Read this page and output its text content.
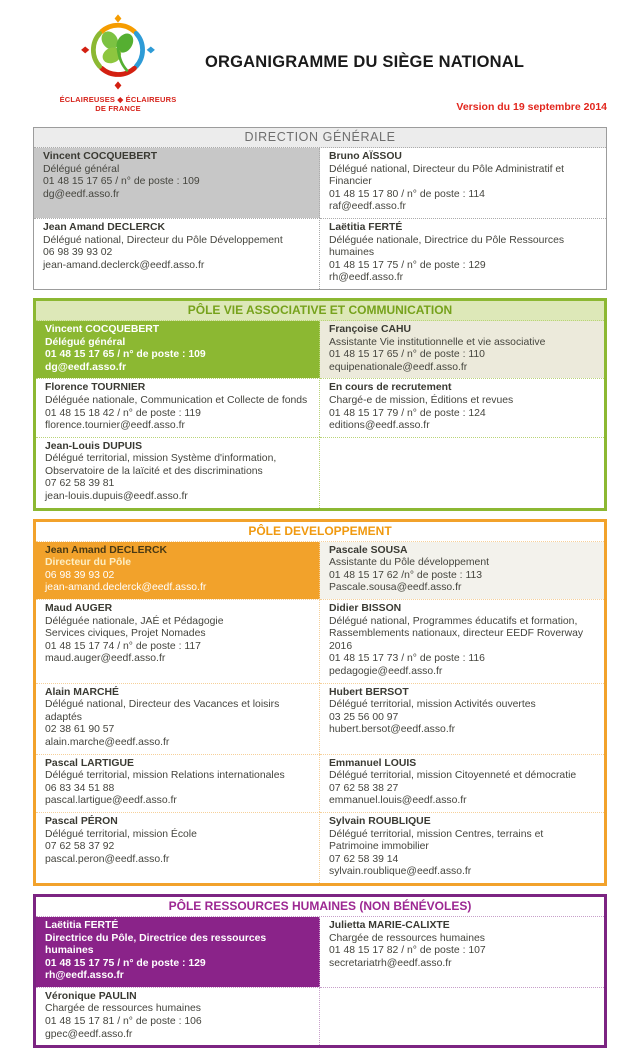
ÉCLAIREUSES ◆ ÉCLAIREURS
DE FRANCE
ORGANIGRAMME DU SIÈGE NATIONAL
Version du 19 septembre 2014
DIRECTION GÉNÉRALE
Vincent COCQUEBERT
Délégué général
01 48 15 17 65 / n° de poste : 109
dg@eedf.asso.fr
Bruno AÏSSOU
Délégué national, Directeur du Pôle Administratif et Financier
01 48 15 17 80 / n° de poste : 114
raf@eedf.asso.fr
Jean Amand DECLERCK
Délégué national, Directeur du Pôle Développement
06 98 39 93 02
jean-amand.declerck@eedf.asso.fr
Laëtitia FERTÉ
Déléguée nationale, Directrice du Pôle Ressources humaines
01 48 15 17 75 / n° de poste : 129
rh@eedf.asso.fr
PÔLE VIE ASSOCIATIVE ET COMMUNICATION
Vincent COCQUEBERT
Délégué général
01 48 15 17 65 / n° de poste : 109
dg@eedf.asso.fr
Françoise CAHU
Assistante Vie institutionnelle et vie associative
01 48 15 17 65 / n° de poste : 110
equipenationale@eedf.asso.fr
Florence TOURNIER
Déléguée nationale, Communication et Collecte de fonds
01 48 15 18 42 / n° de poste : 119
florence.tournier@eedf.asso.fr
En cours de recrutement
Chargé-e de mission, Éditions et revues
01 48 15 17 79 / n° de poste : 124
editions@eedf.asso.fr
Jean-Louis DUPUIS
Délégué territorial, mission Système d'information,
Observatoire de la laïcité et des discriminations
07 62 58 39 81
jean-louis.dupuis@eedf.asso.fr
PÔLE DEVELOPPEMENT
Jean Amand DECLERCK
Directeur du Pôle
06 98 39 93 02
jean-amand.declerck@eedf.asso.fr
Pascale SOUSA
Assistante du Pôle développement
01 48 15 17 62 /n° de poste : 113
Pascale.sousa@eedf.asso.fr
Maud AUGER
Déléguée nationale, JAÉ et Pédagogie
Services civiques, Projet Nomades
01 48 15 17 74 / n° de poste : 117
maud.auger@eedf.asso.fr
Didier BISSON
Délégué national, Programmes éducatifs et formation,
Rassemblements nationaux, directeur EEDF Roverway 2016
01 48 15 17 73 / n° de poste : 116
pedagogie@eedf.asso.fr
Alain MARCHÉ
Délégué national, Directeur des Vacances et loisirs adaptés
02 38 61 90 57
alain.marche@eedf.asso.fr
Hubert BERSOT
Délégué territorial, mission Activités ouvertes
03 25 56 00 97
hubert.bersot@eedf.asso.fr
Pascal LARTIGUE
Délégué territorial, mission Relations internationales
06 83 34 51 88
pascal.lartigue@eedf.asso.fr
Emmanuel LOUIS
Délégué territorial, mission Citoyenneté et démocratie
07 62 58 38 27
emmanuel.louis@eedf.asso.fr
Pascal PÉRON
Délégué territorial, mission École
07 62 58 37 92
pascal.peron@eedf.asso.fr
Sylvain ROUBLIQUE
Délégué territorial, mission Centres, terrains et Patrimoine immobilier
07 62 58 39 14
sylvain.roublique@eedf.asso.fr
PÔLE RESSOURCES HUMAINES (NON BÉNÉVOLES)
Laëtitia FERTÉ
Directrice du Pôle, Directrice des ressources humaines
01 48 15 17 75 / n° de poste : 129
rh@eedf.asso.fr
Julietta MARIE-CALIXTE
Chargée de ressources humaines
01 48 15 17 82 / n° de poste : 107
secretariatrh@eedf.asso.fr
Véronique PAULIN
Chargée de ressources humaines
01 48 15 17 81 / n° de poste : 106
gpec@eedf.asso.fr
